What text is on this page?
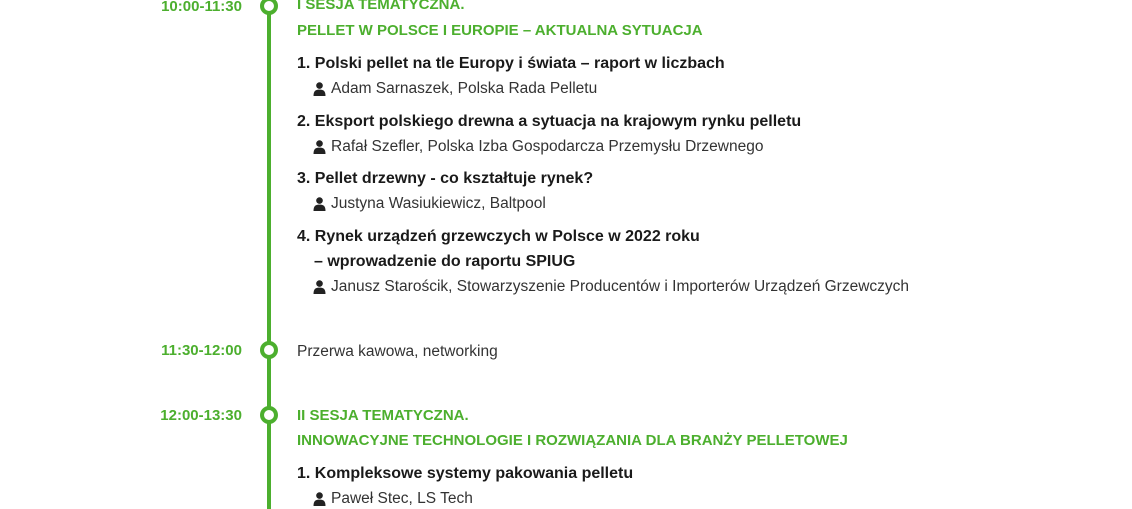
10:00-11:30	I SESJA TEMATYCZNA.
PELLET W POLSCE I EUROPIE – AKTUALNA SYTUACJA
1. Polski pellet na tle Europy i świata – raport w liczbach
Adam Sarnaszek, Polska Rada Pelletu
2. Eksport polskiego drewna a sytuacja na krajowym rynku pelletu
Rafał Szefler, Polska Izba Gospodarcza Przemysłu Drzewnego
3. Pellet drzewny - co kształtuje rynek?
Justyna Wasiukiewicz, Baltpool
4. Rynek urządzeń grzewczych w Polsce w 2022 roku
– wprowadzenie do raportu SPIUG
Janusz Starościk, Stowarzyszenie Producentów i Importerów Urządzeń Grzewczych
11:30-12:00	Przerwa kawowa, networking
12:00-13:30	II SESJA TEMATYCZNA.
INNOWACYJNE TECHNOLOGIE I ROZWIĄZANIA DLA BRANŻY PELLETOWEJ
1. Kompleksowe systemy pakowania pelletu
Paweł Stec, LS Tech
